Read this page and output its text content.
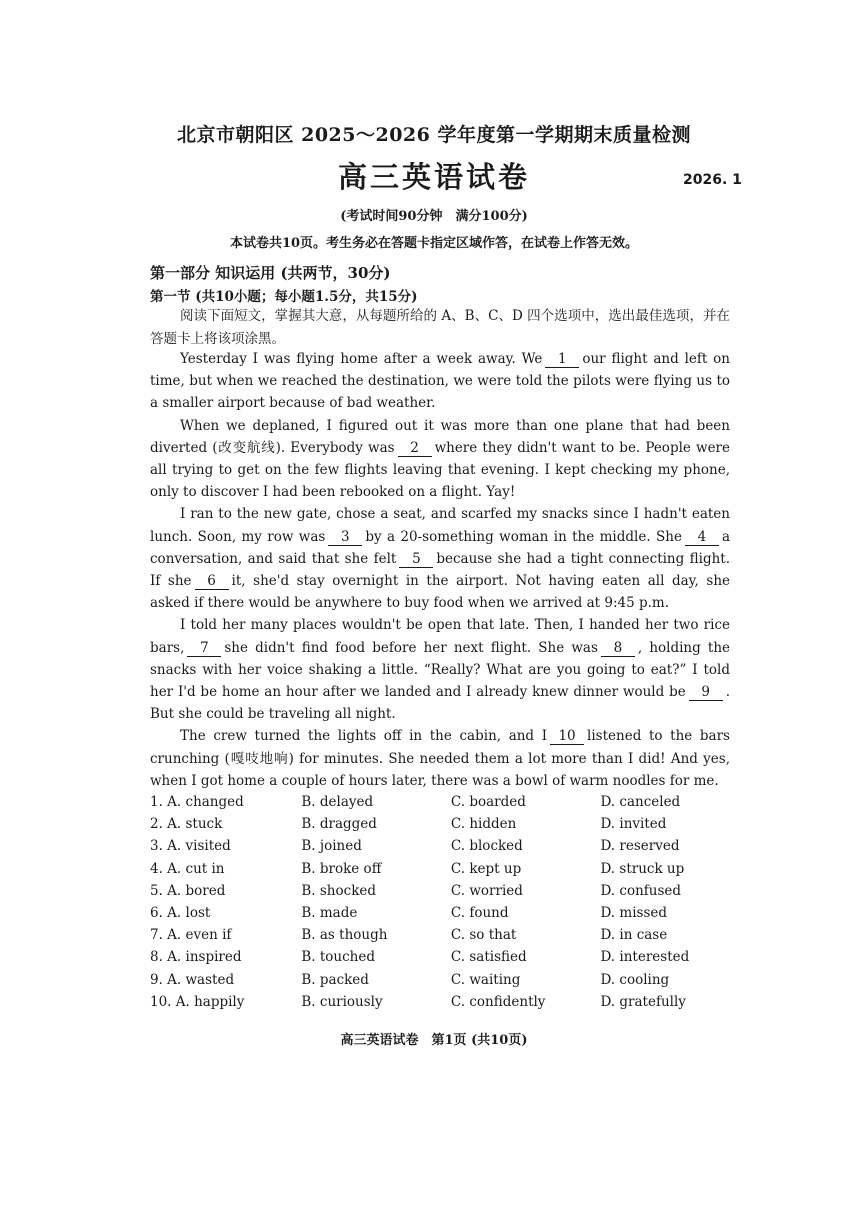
北京市朝阳区 2025～2026 学年度第一学期期末质量检测
高三英语试卷	2026. 1
(考试时间90分钟　满分100分)
本试卷共10页。考生务必在答题卡指定区域作答，在试卷上作答无效。
第一部分 知识运用 (共两节，30分)
第一节 (共10小题；每小题1.5分，共15分)
阅读下面短文，掌握其大意，从每题所给的 A、B、C、D 四个选项中，选出最佳选项，并在答题卡上将该项涂黑。

Yesterday I was flying home after a week away. We 1 our flight and left on time, but when we reached the destination, we were told the pilots were flying us to a smaller airport because of bad weather.

When we deplaned, I figured out it was more than one plane that had been diverted (改变航线). Everybody was 2 where they didn't want to be. People were all trying to get on the few flights leaving that evening. I kept checking my phone, only to discover I had been rebooked on a flight. Yay!

I ran to the new gate, chose a seat, and scarfed my snacks since I hadn't eaten lunch. Soon, my row was 3 by a 20-something woman in the middle. She 4 a conversation, and said that she felt 5 because she had a tight connecting flight. If she 6 it, she'd stay overnight in the airport. Not having eaten all day, she asked if there would be anywhere to buy food when we arrived at 9:45 p.m.

I told her many places wouldn't be open that late. Then, I handed her two rice bars, 7 she didn't find food before her next flight. She was 8 , holding the snacks with her voice shaking a little. “Really? What are you going to eat?” I told her I'd be home an hour after we landed and I already knew dinner would be 9 . But she could be traveling all night.

The crew turned the lights off in the cabin, and I 10 listened to the bars crunching (嘎吱地响) for minutes. She needed them a lot more than I did! And yes, when I got home a couple of hours later, there was a bowl of warm noodles for me.

1. A. changed	B. delayed	C. boarded	D. canceled
2. A. stuck	B. dragged	C. hidden	D. invited
3. A. visited	B. joined	C. blocked	D. reserved
4. A. cut in	B. broke off	C. kept up	D. struck up
5. A. bored	B. shocked	C. worried	D. confused
6. A. lost	B. made	C. found	D. missed
7. A. even if	B. as though	C. so that	D. in case
8. A. inspired	B. touched	C. satisfied	D. interested
9. A. wasted	B. packed	C. waiting	D. cooling
10. A. happily	B. curiously	C. confidently	D. gratefully
高三英语试卷　第1页 (共10页)
